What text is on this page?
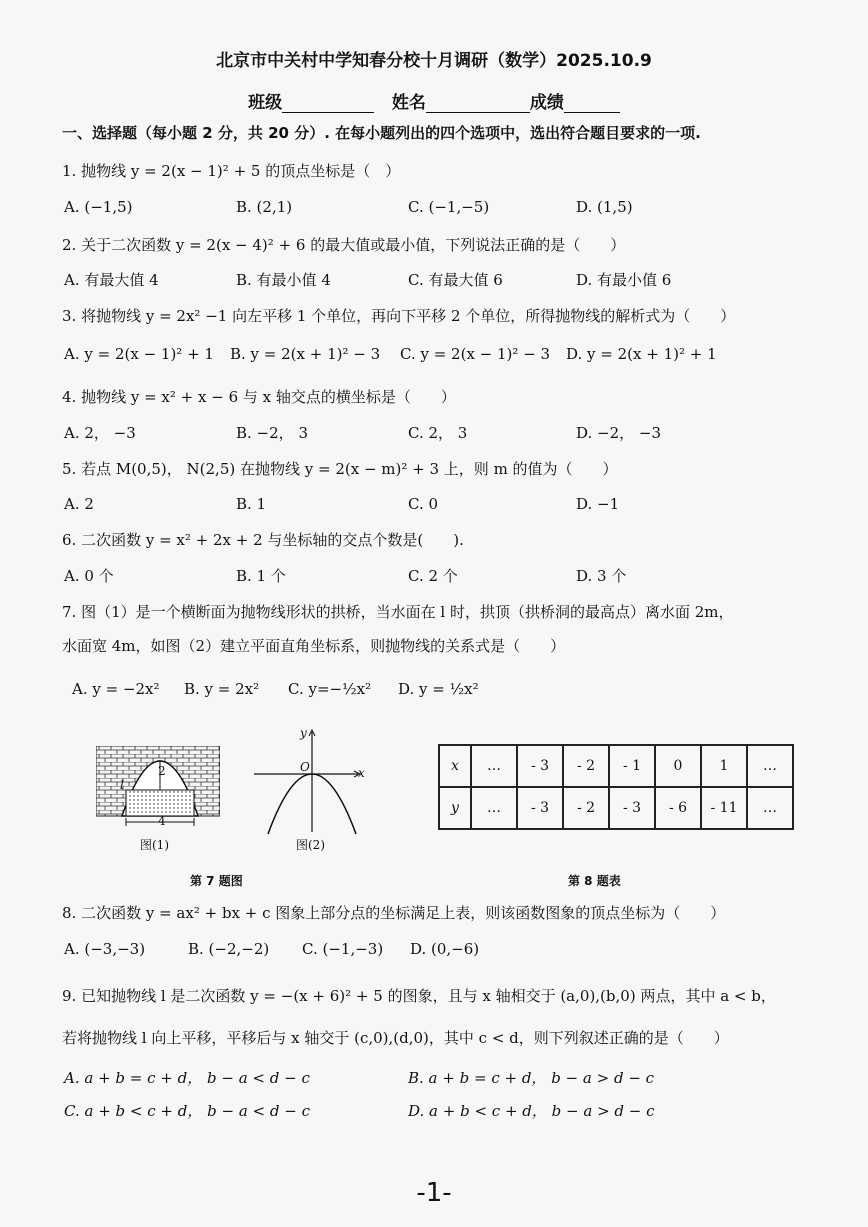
北京市中关村中学知春分校十月调研（数学）2025.10.9
班级	姓名	成绩
一、选择题（每小题 2 分，共 20 分）. 在每小题列出的四个选项中，选出符合题目要求的一项.
1. 抛物线 y = 2(x − 1)² + 5 的顶点坐标是（　）
A. (−1,5)	B. (2,1)	C. (−1,−5)	D. (1,5)
2. 关于二次函数 y = 2(x − 4)² + 6 的最大值或最小值，下列说法正确的是（　　）
A. 有最大值 4	B. 有最小值 4	C. 有最大值 6	D. 有最小值 6
3. 将抛物线 y = 2x² −1 向左平移 1 个单位，再向下平移 2 个单位，所得抛物线的解析式为（　　）
A. y = 2(x − 1)² + 1 B. y = 2(x + 1)² − 3 C. y = 2(x − 1)² − 3 D. y = 2(x + 1)² + 1
4. 抛物线 y = x² + x − 6 与 x 轴交点的横坐标是（　　）
A. 2， −3	B. −2， 3	C. 2， 3	D. −2， −3
5. 若点 M(0,5)， N(2,5) 在抛物线 y = 2(x − m)² + 3 上，则 m 的值为（　　）
A. 2	B. 1	C. 0	D. −1
6. 二次函数 y = x² + 2x + 2 与坐标轴的交点个数是(　　).
A. 0 个	B. 1 个	C. 2 个	D. 3 个
7. 图（1）是一个横断面为抛物线形状的拱桥，当水面在 l 时，拱顶（拱桥洞的最高点）离水面 2m，
水面宽 4m，如图（2）建立平面直角坐标系，则抛物线的关系式是（　　）
A. y = −2x² B. y = 2x² C. y=−½x² D. y = ½x²
2
4
l
图(1)
x
y
O
图(2)
第 7 题图
x	…	- 3	- 2	- 1	0	1	…
y	…	- 3	- 2	- 3	- 6	- 11	…
第 8 题表
8. 二次函数 y = ax² + bx + c 图象上部分点的坐标满足上表，则该函数图象的顶点坐标为（　　）
A. (−3,−3)	B. (−2,−2) C. (−1,−3) D. (0,−6)
9. 已知抛物线 l 是二次函数 y = −(x + 6)² + 5 的图象，且与 x 轴相交于 (a,0),(b,0) 两点，其中 a < b，
若将抛物线 l 向上平移，平移后与 x 轴交于 (c,0),(d,0)，其中 c < d，则下列叙述正确的是（　　）
A. a + b = c + d， b − a < d − c	B. a + b = c + d， b − a > d − c
C. a + b < c + d， b − a < d − c	D. a + b < c + d， b − a > d − c
-1-
